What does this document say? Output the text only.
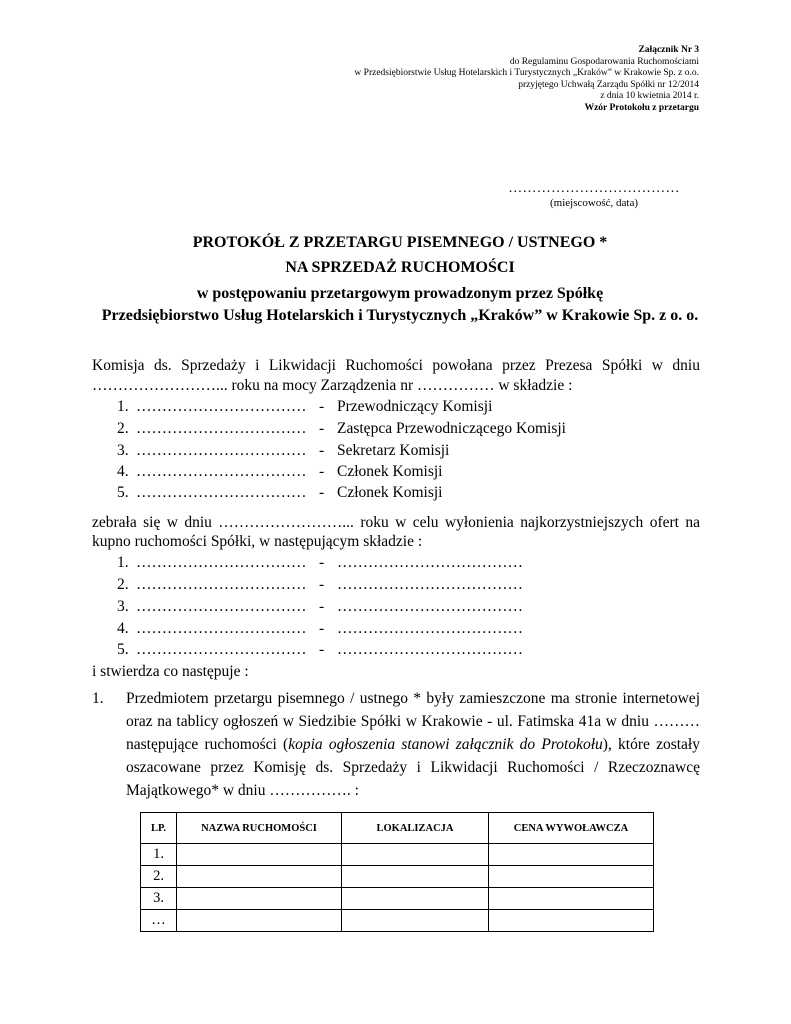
Załącznik Nr 3
do Regulaminu Gospodarowania Ruchomościami
w Przedsiębiorstwie Usług Hotelarskich i Turystycznych „Kraków” w Krakowie Sp. z o.o.
przyjętego Uchwałą Zarządu Spółki nr 12/2014
z dnia 10 kwietnia 2014 r.
Wzór Protokołu z przetargu
………………………………
(miejscowość, data)
PROTOKÓŁ Z PRZETARGU PISEMNEGO / USTNEGO *
NA SPRZEDAŻ RUCHOMOŚCI
w postępowaniu przetargowym prowadzonym przez Spółkę
Przedsiębiorstwo Usług Hotelarskich i Turystycznych „Kraków” w Krakowie Sp. z o. o.
Komisja ds. Sprzedaży i Likwidacji Ruchomości powołana przez Prezesa Spółki w dniu
……………………... roku na mocy Zarządzenia nr …………… w składzie :
1. …………………………… - Przewodniczący Komisji
2. …………………………… - Zastępca Przewodniczącego Komisji
3. …………………………… - Sekretarz Komisji
4. …………………………… - Członek Komisji
5. …………………………… - Członek Komisji
zebrała się w dniu ……………………... roku w celu wyłonienia najkorzystniejszych ofert na
kupno ruchomości Spółki, w następującym składzie :
1. …………………………… - ………………………………
2. …………………………… - ………………………………
3. …………………………… - ………………………………
4. …………………………… - ………………………………
5. …………………………… - ………………………………
i stwierdza co następuje :
1. Przedmiotem przetargu pisemnego / ustnego * były zamieszczone ma stronie internetowej
oraz na tablicy ogłoszeń w Siedzibie Spółki w Krakowie - ul. Fatimska 41a w dniu ………
następujące ruchomości (kopia ogłoszenia stanowi załącznik do Protokołu), które zostały
oszacowane przez Komisję ds. Sprzedaży i Likwidacji Ruchomości / Rzeczoznawcę
Majątkowego* w dniu ……………. :
LP.	NAZWA RUCHOMOŚCI	LOKALIZACJA	CENA WYWOŁAWCZA
1.			
2.			
3.			
…			
